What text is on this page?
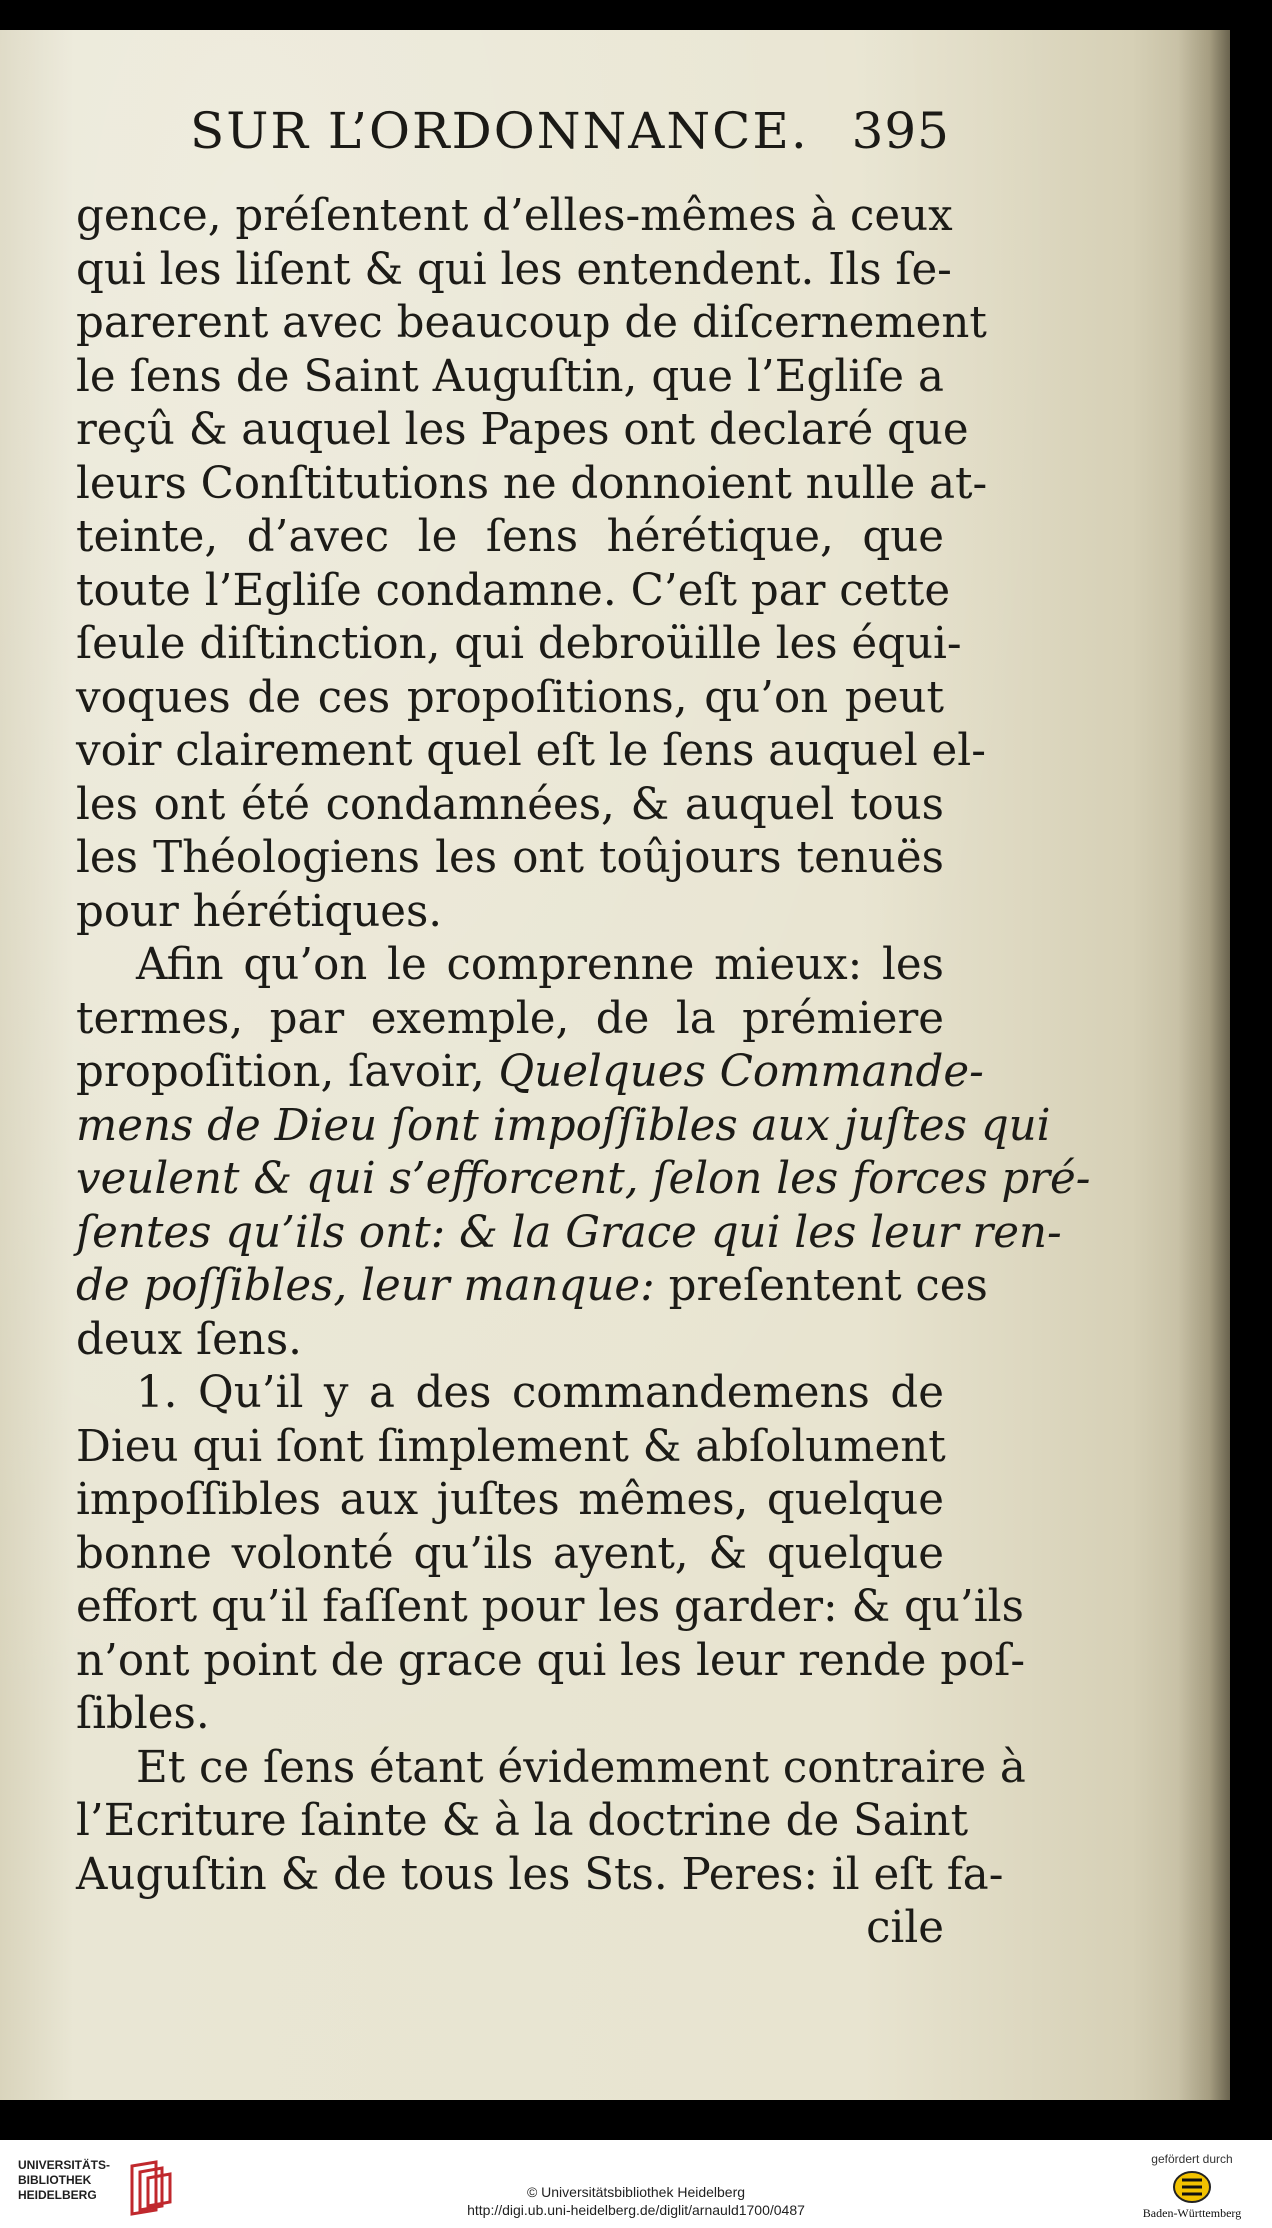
SUR L’ORDONNANCE. 395
gence, préſentent d’elles-mêmes à ceux
qui les liſent & qui les entendent. Ils ſe-
parerent avec beaucoup de diſcernement
le ſens de Saint Auguſtin, que l’Egliſe a
reçû & auquel les Papes ont declaré que
leurs Conſtitutions ne donnoient nulle at-
teinte, d’avec le ſens hérétique, que
toute l’Egliſe condamne. C’eſt par cette
ſeule diſtinction, qui debroüille les équi-
voques de ces propoſitions, qu’on peut
voir clairement quel eſt le ſens auquel el-
les ont été condamnées, & auquel tous
les Théologiens les ont toûjours tenuës
pour hérétiques.
Afin qu’on le comprenne mieux: les
termes, par exemple, de la prémiere
propoſition, ſavoir, Quelques Commande-
mens de Dieu ſont impoſſibles aux juſtes qui
veulent & qui s’efforcent, ſelon les forces pré-
ſentes qu’ils ont: & la Grace qui les leur ren-
de poſſibles, leur manque: preſentent ces
deux ſens.
1. Qu’il y a des commandemens de
Dieu qui ſont ſimplement & abſolument
impoſſibles aux juſtes mêmes, quelque
bonne volonté qu’ils ayent, & quelque
effort qu’il faſſent pour les garder: & qu’ils
n’ont point de grace qui les leur rende poſ-
ſibles.
Et ce ſens étant évidemment contraire à
l’Ecriture ſainte & à la doctrine de Saint
Auguſtin & de tous les Sts. Peres: il eſt fa-
cile
UNIVERSITÄTS-
BIBLIOTHEK
HEIDELBERG	© Universitätsbibliothek Heidelberg
http://digi.ub.uni-heidelberg.de/diglit/arnauld1700/0487
gefördert durch
Baden-Württemberg
